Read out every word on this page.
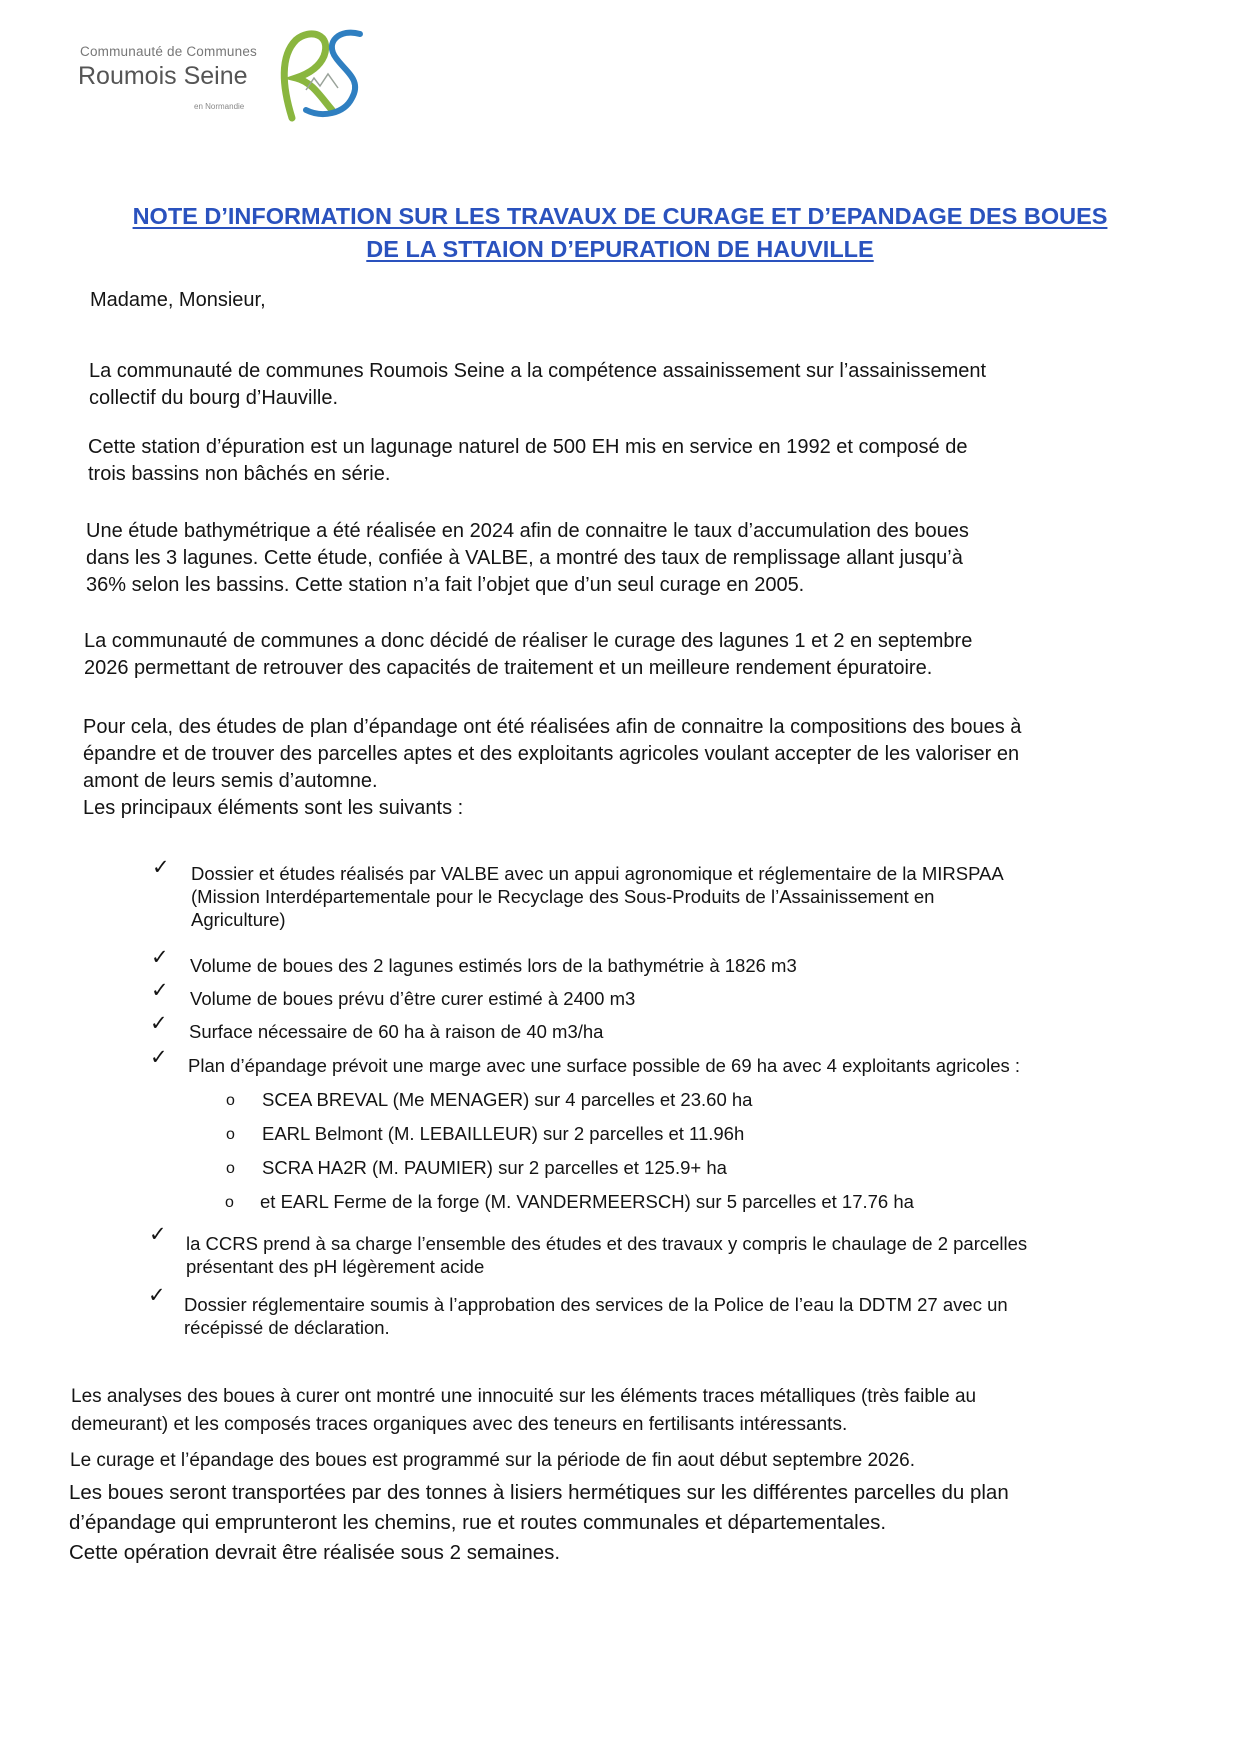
Communauté de Communes
Roumois Seine
en Normandie
NOTE D’INFORMATION SUR LES TRAVAUX DE CURAGE ET D’EPANDAGE DES BOUES
DE LA STTAION D’EPURATION DE HAUVILLE

Madame, Monsieur,

La communauté de communes Roumois Seine a la compétence assainissement sur l’assainissement
collectif du bourg d’Hauville.

Cette station d’épuration est un lagunage naturel de 500 EH mis en service en 1992 et composé de
trois bassins non bâchés en série.

Une étude bathymétrique a été réalisée en 2024 afin de connaitre le taux d’accumulation des boues
dans les 3 lagunes. Cette étude, confiée à VALBE, a montré des taux de remplissage allant jusqu’à
36% selon les bassins. Cette station n’a fait l’objet que d’un seul curage en 2005.

La communauté de communes a donc décidé de réaliser le curage des lagunes 1 et 2 en septembre
2026 permettant de retrouver des capacités de traitement et un meilleure rendement épuratoire.

Pour cela, des études de plan d’épandage ont été réalisées afin de connaitre la compositions des boues à
épandre et de trouver des parcelles aptes et des exploitants agricoles voulant accepter de les valoriser en
amont de leurs semis d’automne.
Les principaux éléments sont les suivants :

✓ Dossier et études réalisés par VALBE avec un appui agronomique et réglementaire de la MIRSPAA
(Mission Interdépartementale pour le Recyclage des Sous-Produits de l’Assainissement en
Agriculture)

✓ Volume de boues des 2 lagunes estimés lors de la bathymétrie à 1826 m3

✓ Volume de boues prévu d’être curer estimé à 2400 m3

✓ Surface nécessaire de 60 ha à raison de 40 m3/ha

✓ Plan d’épandage prévoit une marge avec une surface possible de 69 ha avec 4 exploitants agricoles :

o SCEA BREVAL (Me MENAGER) sur 4 parcelles et 23.60 ha

o EARL Belmont (M. LEBAILLEUR) sur 2 parcelles et 11.96h

o SCRA HA2R (M. PAUMIER) sur 2 parcelles et 125.9+ ha

o et EARL Ferme de la forge (M. VANDERMEERSCH) sur 5 parcelles et 17.76 ha

✓ la CCRS prend à sa charge l’ensemble des études et des travaux y compris le chaulage de 2 parcelles
présentant des pH légèrement acide

✓ Dossier réglementaire soumis à l’approbation des services de la Police de l’eau la DDTM 27 avec un
récépissé de déclaration.

Les analyses des boues à curer ont montré une innocuité sur les éléments traces métalliques (très faible au
demeurant) et les composés traces organiques avec des teneurs en fertilisants intéressants.

Le curage et l’épandage des boues est programmé sur la période de fin aout début septembre 2026.

Les boues seront transportées par des tonnes à lisiers hermétiques sur les différentes parcelles du plan
d’épandage qui emprunteront les chemins, rue et routes communales et départementales.
Cette opération devrait être réalisée sous 2 semaines.
